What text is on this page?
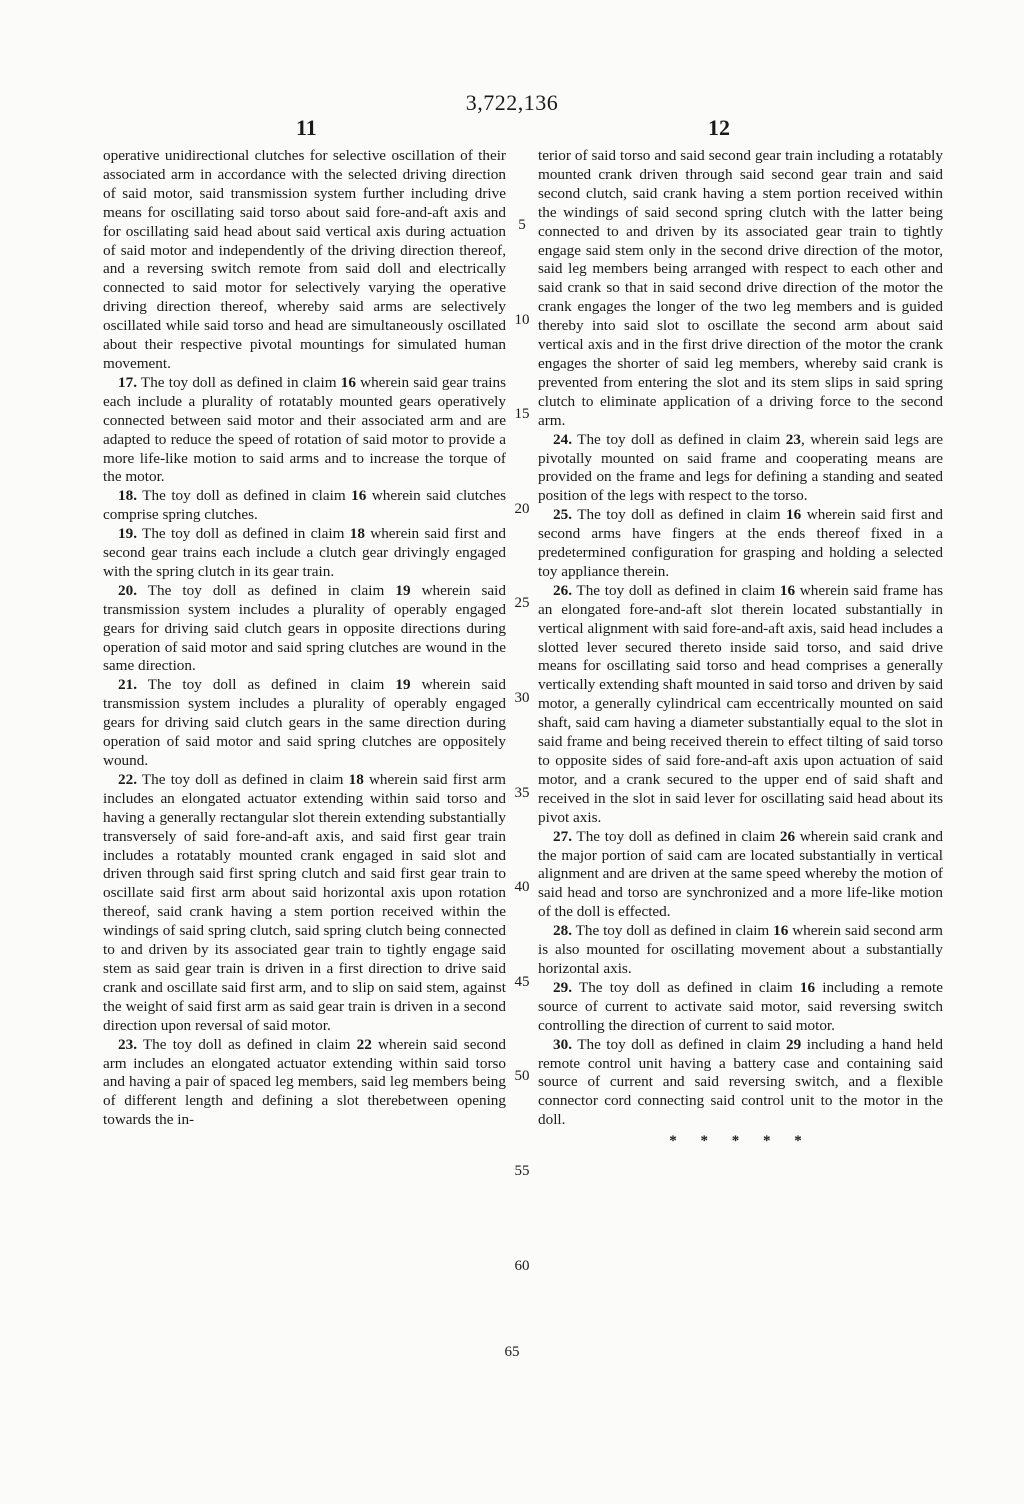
3,722,136
11	12

operative unidirectional clutches for selective oscillation of their associated arm in accordance with the selected driving direction of said motor, said transmission system further including drive means for oscillating said torso about said fore-and-aft axis and for oscillating said head about said vertical axis during actuation of said motor and independently of the driving direction thereof, and a reversing switch remote from said doll and electrically connected to said motor for selectively varying the operative driving direction thereof, whereby said arms are selectively oscillated while said torso and head are simultaneously oscillated about their respective pivotal mountings for simulated human movement.

17. The toy doll as defined in claim 16 wherein said gear trains each include a plurality of rotatably mounted gears operatively connected between said motor and their associated arm and are adapted to reduce the speed of rotation of said motor to provide a more life-like motion to said arms and to increase the torque of the motor.

18. The toy doll as defined in claim 16 wherein said clutches comprise spring clutches.

19. The toy doll as defined in claim 18 wherein said first and second gear trains each include a clutch gear drivingly engaged with the spring clutch in its gear train.

20. The toy doll as defined in claim 19 wherein said transmission system includes a plurality of operably engaged gears for driving said clutch gears in opposite directions during operation of said motor and said spring clutches are wound in the same direction.

21. The toy doll as defined in claim 19 wherein said transmission system includes a plurality of operably engaged gears for driving said clutch gears in the same direction during operation of said motor and said spring clutches are oppositely wound.

22. The toy doll as defined in claim 18 wherein said first arm includes an elongated actuator extending within said torso and having a generally rectangular slot therein extending substantially transversely of said fore-and-aft axis, and said first gear train includes a rotatably mounted crank engaged in said slot and driven through said first spring clutch and said first gear train to oscillate said first arm about said horizontal axis upon rotation thereof, said crank having a stem portion received within the windings of said spring clutch, said spring clutch being connected to and driven by its associated gear train to tightly engage said stem as said gear train is driven in a first direction to drive said crank and oscillate said first arm, and to slip on said stem, against the weight of said first arm as said gear train is driven in a second direction upon reversal of said motor.

23. The toy doll as defined in claim 22 wherein said second arm includes an elongated actuator extending within said torso and having a pair of spaced leg members, said leg members being of different length and defining a slot therebetween opening towards the in-

terior of said torso and said second gear train including a rotatably mounted crank driven through said second gear train and said second clutch, said crank having a stem portion received within the windings of said second spring clutch with the latter being connected to and driven by its associated gear train to tightly engage said stem only in the second drive direction of the motor, said leg members being arranged with respect to each other and said crank so that in said second drive direction of the motor the crank engages the longer of the two leg members and is guided thereby into said slot to oscillate the second arm about said vertical axis and in the first drive direction of the motor the crank engages the shorter of said leg members, whereby said crank is prevented from entering the slot and its stem slips in said spring clutch to eliminate application of a driving force to the second arm.

24. The toy doll as defined in claim 23, wherein said legs are pivotally mounted on said frame and cooperating means are provided on the frame and legs for defining a standing and seated position of the legs with respect to the torso.

25. The toy doll as defined in claim 16 wherein said first and second arms have fingers at the ends thereof fixed in a predetermined configuration for grasping and holding a selected toy appliance therein.

26. The toy doll as defined in claim 16 wherein said frame has an elongated fore-and-aft slot therein located substantially in vertical alignment with said fore-and-aft axis, said head includes a slotted lever secured thereto inside said torso, and said drive means for oscillating said torso and head comprises a generally vertically extending shaft mounted in said torso and driven by said motor, a generally cylindrical cam eccentrically mounted on said shaft, said cam having a diameter substantially equal to the slot in said frame and being received therein to effect tilting of said torso to opposite sides of said fore-and-aft axis upon actuation of said motor, and a crank secured to the upper end of said shaft and received in the slot in said lever for oscillating said head about its pivot axis.

27. The toy doll as defined in claim 26 wherein said crank and the major portion of said cam are located substantially in vertical alignment and are driven at the same speed whereby the motion of said head and torso are synchronized and a more life-like motion of the doll is effected.

28. The toy doll as defined in claim 16 wherein said second arm is also mounted for oscillating movement about a substantially horizontal axis.

29. The toy doll as defined in claim 16 including a remote source of current to activate said motor, said reversing switch controlling the direction of current to said motor.

30. The toy doll as defined in claim 29 including a hand held remote control unit having a battery case and containing said source of current and said reversing switch, and a flexible connector cord connecting said control unit to the motor in the doll.

* * * * *
5
10
15
20
25
30
35
40
45
50
55
60
65
